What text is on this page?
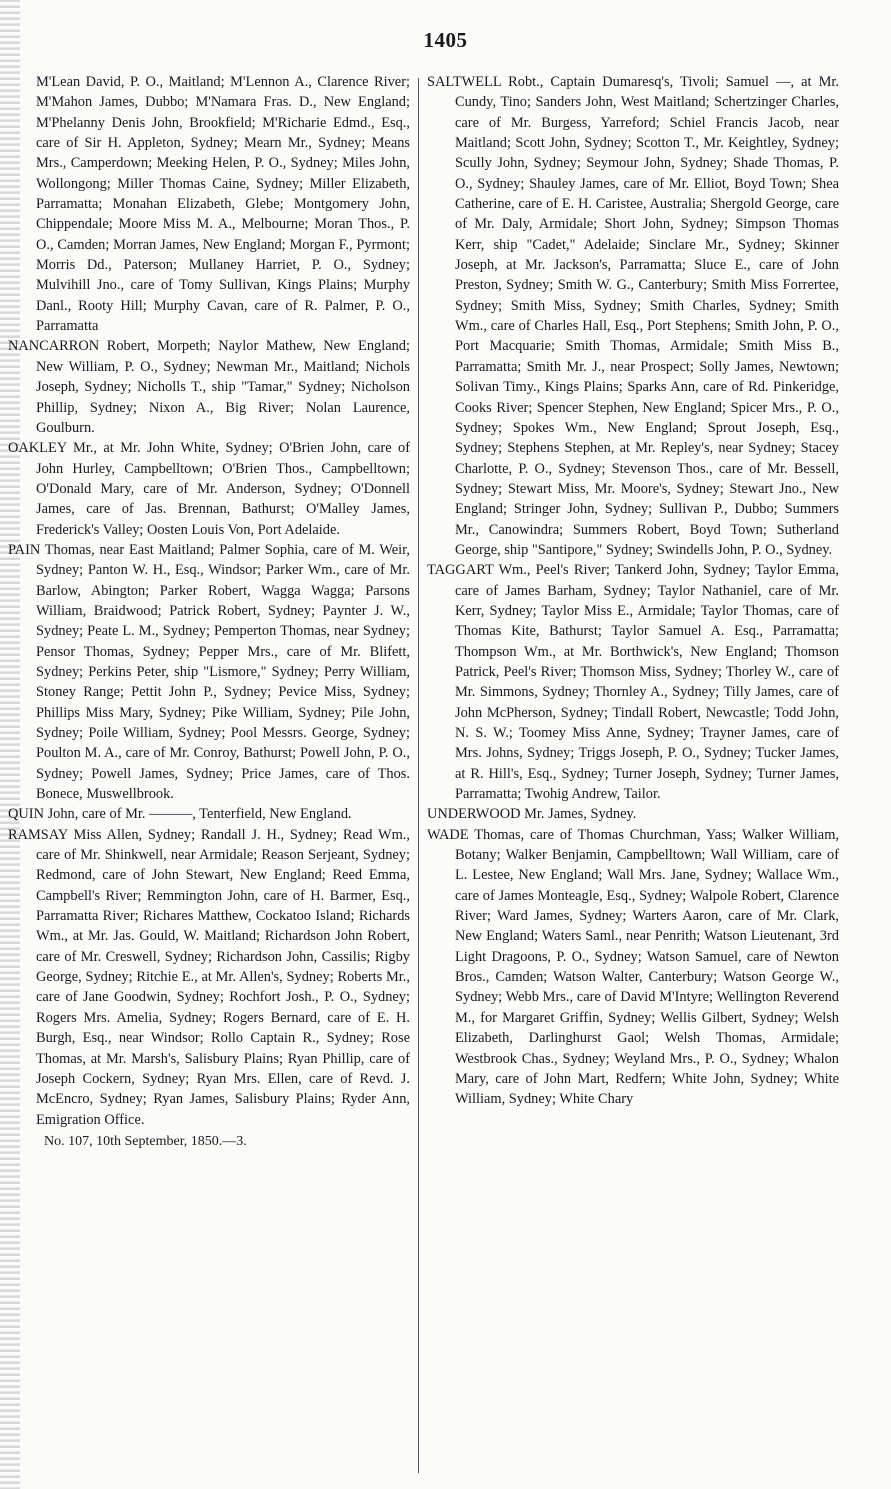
1405

M'Lean David, P. O., Maitland; M'Lennon A., Clarence River; M'Mahon James, Dubbo; M'Namara Fras. D., New England; M'Phelanny Denis John, Brookfield; M'Richarie Edmd., Esq., care of Sir H. Appleton, Sydney; Mearn Mr., Sydney; Means Mrs., Camperdown; Meeking Helen, P. O., Sydney; Miles John, Wollongong; Miller Thomas Caine, Sydney; Miller Elizabeth, Parramatta; Monahan Elizabeth, Glebe; Montgomery John, Chippendale; Moore Miss M. A., Melbourne; Moran Thos., P. O., Camden; Morran James, New England; Morgan F., Pyrmont; Morris Dd., Paterson; Mullaney Harriet, P. O., Sydney; Mulvihill Jno., care of Tomy Sullivan, Kings Plains; Murphy Danl., Rooty Hill; Murphy Cavan, care of R. Palmer, P. O., Parramatta

NANCARRON Robert, Morpeth; Naylor Mathew, New England; New William, P. O., Sydney; Newman Mr., Maitland; Nichols Joseph, Sydney; Nicholls T., ship "Tamar," Sydney; Nicholson Phillip, Sydney; Nixon A., Big River; Nolan Laurence, Goulburn.

OAKLEY Mr., at Mr. John White, Sydney; O'Brien John, care of John Hurley, Campbelltown; O'Brien Thos., Campbelltown; O'Donald Mary, care of Mr. Anderson, Sydney; O'Donnell James, care of Jas. Brennan, Bathurst; O'Malley James, Frederick's Valley; Oosten Louis Von, Port Adelaide.

PAIN Thomas, near East Maitland; Palmer Sophia, care of M. Weir, Sydney; Panton W. H., Esq., Windsor; Parker Wm., care of Mr. Barlow, Abington; Parker Robert, Wagga Wagga; Parsons William, Braidwood; Patrick Robert, Sydney; Paynter J. W., Sydney; Peate L. M., Sydney; Pemperton Thomas, near Sydney; Pensor Thomas, Sydney; Pepper Mrs., care of Mr. Blifett, Sydney; Perkins Peter, ship "Lismore," Sydney; Perry William, Stoney Range; Pettit John P., Sydney; Pevice Miss, Sydney; Phillips Miss Mary, Sydney; Pike William, Sydney; Pile John, Sydney; Poile William, Sydney; Pool Messrs. George, Sydney; Poulton M. A., care of Mr. Conroy, Bathurst; Powell John, P. O., Sydney; Powell James, Sydney; Price James, care of Thos. Bonece, Muswellbrook.

QUIN John, care of Mr. ———, Tenterfield, New England.

RAMSAY Miss Allen, Sydney; Randall J. H., Sydney; Read Wm., care of Mr. Shinkwell, near Armidale; Reason Serjeant, Sydney; Redmond, care of John Stewart, New England; Reed Emma, Campbell's River; Remmington John, care of H. Barmer, Esq., Parramatta River; Richares Matthew, Cockatoo Island; Richards Wm., at Mr. Jas. Gould, W. Maitland; Richardson John Robert, care of Mr. Creswell, Sydney; Richardson John, Cassilis; Rigby George, Sydney; Ritchie E., at Mr. Allen's, Sydney; Roberts Mr., care of Jane Goodwin, Sydney; Rochfort Josh., P. O., Sydney; Rogers Mrs. Amelia, Sydney; Rogers Bernard, care of E. H. Burgh, Esq., near Windsor; Rollo Captain R., Sydney; Rose Thomas, at Mr. Marsh's, Salisbury Plains; Ryan Phillip, care of Joseph Cockern, Sydney; Ryan Mrs. Ellen, care of Revd. J. McEncro, Sydney; Ryan James, Salisbury Plains; Ryder Ann, Emigration Office.

No. 107, 10th September, 1850.—3.

SALTWELL Robt., Captain Dumaresq's, Tivoli; Samuel —, at Mr. Cundy, Tino; Sanders John, West Maitland; Schertzinger Charles, care of Mr. Burgess, Yarreford; Schiel Francis Jacob, near Maitland; Scott John, Sydney; Scotton T., Mr. Keightley, Sydney; Scully John, Sydney; Seymour John, Sydney; Shade Thomas, P. O., Sydney; Shauley James, care of Mr. Elliot, Boyd Town; Shea Catherine, care of E. H. Caristee, Australia; Shergold George, care of Mr. Daly, Armidale; Short John, Sydney; Simpson Thomas Kerr, ship "Cadet," Adelaide; Sinclare Mr., Sydney; Skinner Joseph, at Mr. Jackson's, Parramatta; Sluce E., care of John Preston, Sydney; Smith W. G., Canterbury; Smith Miss Forrertee, Sydney; Smith Miss, Sydney; Smith Charles, Sydney; Smith Wm., care of Charles Hall, Esq., Port Stephens; Smith John, P. O., Port Macquarie; Smith Thomas, Armidale; Smith Miss B., Parramatta; Smith Mr. J., near Prospect; Solly James, Newtown; Solivan Timy., Kings Plains; Sparks Ann, care of Rd. Pinkeridge, Cooks River; Spencer Stephen, New England; Spicer Mrs., P. O., Sydney; Spokes Wm., New England; Sprout Joseph, Esq., Sydney; Stephens Stephen, at Mr. Repley's, near Sydney; Stacey Charlotte, P. O., Sydney; Stevenson Thos., care of Mr. Bessell, Sydney; Stewart Miss, Mr. Moore's, Sydney; Stewart Jno., New England; Stringer John, Sydney; Sullivan P., Dubbo; Summers Mr., Canowindra; Summers Robert, Boyd Town; Sutherland George, ship "Santipore," Sydney; Swindells John, P. O., Sydney.

TAGGART Wm., Peel's River; Tankerd John, Sydney; Taylor Emma, care of James Barham, Sydney; Taylor Nathaniel, care of Mr. Kerr, Sydney; Taylor Miss E., Armidale; Taylor Thomas, care of Thomas Kite, Bathurst; Taylor Samuel A. Esq., Parramatta; Thompson Wm., at Mr. Borthwick's, New England; Thomson Patrick, Peel's River; Thomson Miss, Sydney; Thorley W., care of Mr. Simmons, Sydney; Thornley A., Sydney; Tilly James, care of John McPherson, Sydney; Tindall Robert, Newcastle; Todd John, N. S. W.; Toomey Miss Anne, Sydney; Trayner James, care of Mrs. Johns, Sydney; Triggs Joseph, P. O., Sydney; Tucker James, at R. Hill's, Esq., Sydney; Turner Joseph, Sydney; Turner James, Parramatta; Twohig Andrew, Tailor.

UNDERWOOD Mr. James, Sydney.

WADE Thomas, care of Thomas Churchman, Yass; Walker William, Botany; Walker Benjamin, Campbelltown; Wall William, care of L. Lestee, New England; Wall Mrs. Jane, Sydney; Wallace Wm., care of James Monteagle, Esq., Sydney; Walpole Robert, Clarence River; Ward James, Sydney; Warters Aaron, care of Mr. Clark, New England; Waters Saml., near Penrith; Watson Lieutenant, 3rd Light Dragoons, P. O., Sydney; Watson Samuel, care of Newton Bros., Camden; Watson Walter, Canterbury; Watson George W., Sydney; Webb Mrs., care of David M'Intyre; Wellington Reverend M., for Margaret Griffin, Sydney; Wellis Gilbert, Sydney; Welsh Elizabeth, Darlinghurst Gaol; Welsh Thomas, Armidale; Westbrook Chas., Sydney; Weyland Mrs., P. O., Sydney; Whalon Mary, care of John Mart, Redfern; White John, Sydney; White William, Sydney; White Chary
